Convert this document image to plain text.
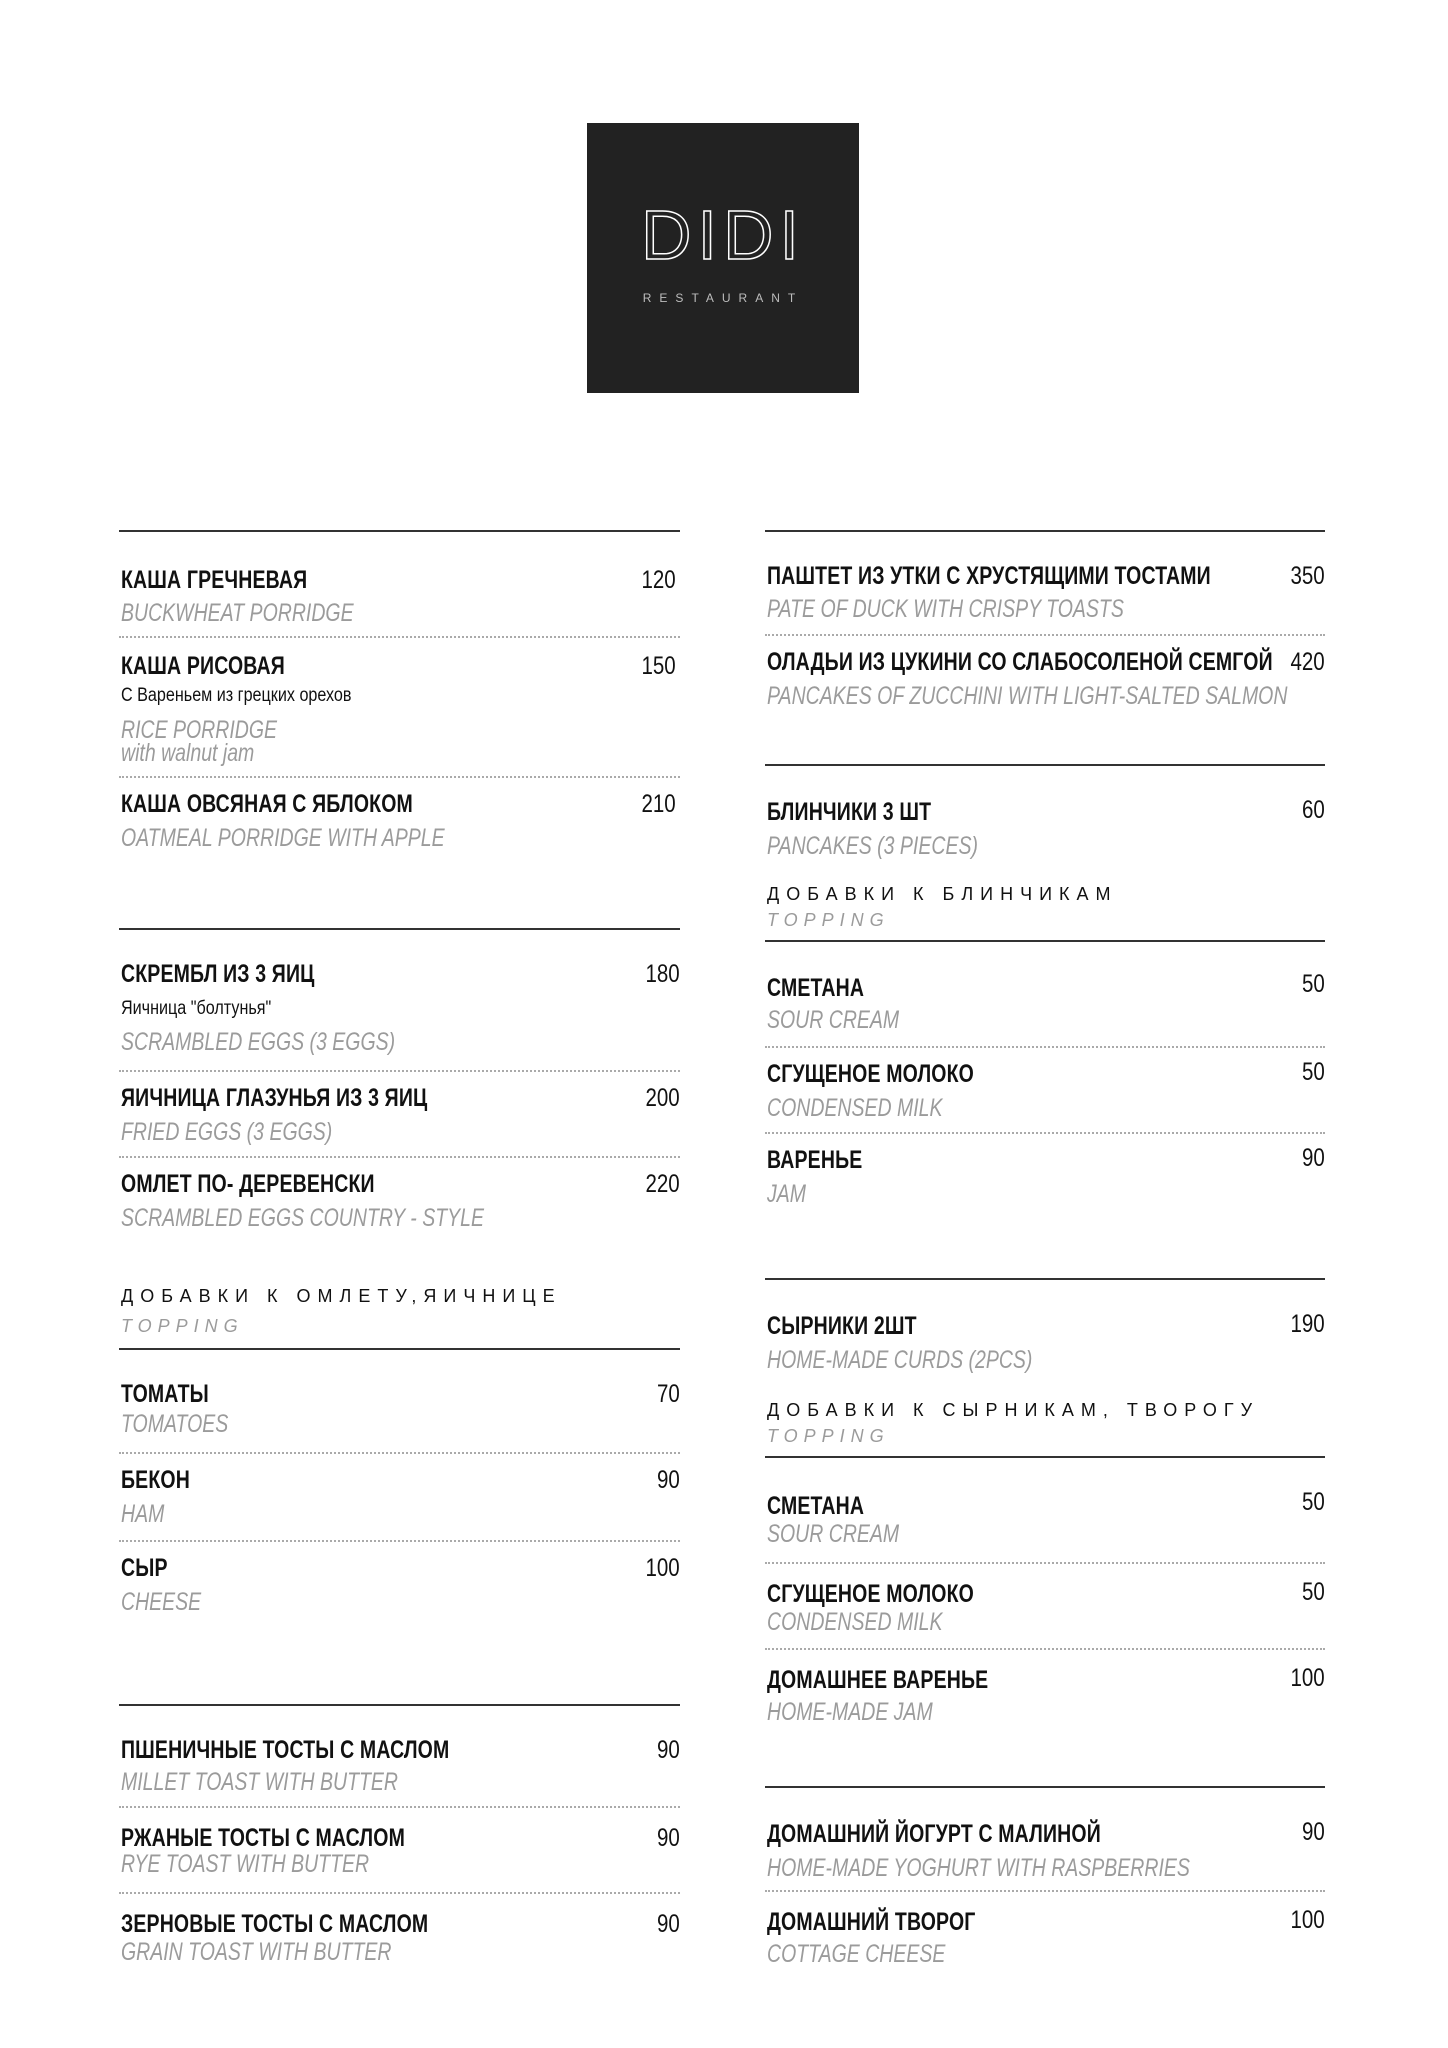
DIDI
RESTAURANT
КАША ГРЕЧНЕВАЯ	120
BUCKWHEAT PORRIDGE
КАША РИСОВАЯ	150
С Вареньем из грецких орехов
RICE PORRIDGE
with walnut jam
КАША ОВСЯНАЯ С ЯБЛОКОМ	210
OATMEAL PORRIDGE WITH APPLE
СКРЕМБЛ ИЗ 3 ЯИЦ	180
Яичница "болтунья"
SCRAMBLED EGGS (3 EGGS)
ЯИЧНИЦА ГЛАЗУНЬЯ ИЗ 3 ЯИЦ	200
FRIED EGGS (3 EGGS)
ОМЛЕТ ПО- ДЕРЕВЕНСКИ	220
SCRAMBLED EGGS COUNTRY - STYLE
ДОБАВКИ К ОМЛЕТУ,ЯИЧНИЦЕ
TOPPING
ТОМАТЫ	70
TOMATOES
БЕКОН	90
HAM
СЫР	100
CHEESE
ПШЕНИЧНЫЕ ТОСТЫ С МАСЛОМ	90
MILLET TOAST WITH BUTTER
РЖАНЫЕ ТОСТЫ С МАСЛОМ	90
RYE TOAST WITH BUTTER
ЗЕРНОВЫЕ ТОСТЫ С МАСЛОМ	90
GRAIN TOAST WITH BUTTER
ПАШТЕТ ИЗ УТКИ С ХРУСТЯЩИМИ ТОСТАМИ	350
PATE OF DUCK WITH CRISPY TOASTS
ОЛАДЬИ ИЗ ЦУКИНИ СО СЛАБОСОЛЕНОЙ СЕМГОЙ 420
PANCAKES OF ZUCCHINI WITH LIGHT-SALTED SALMON
БЛИНЧИКИ 3 ШТ	60
PANCAKES (3 PIECES)
ДОБАВКИ К БЛИНЧИКАМ
TOPPING
СМЕТАНА	50
SOUR CREAM
СГУЩЕНОЕ МОЛОКО	50
CONDENSED MILK
ВАРЕНЬЕ	90
JAM
СЫРНИКИ 2ШТ	190
HOME-MADE CURDS (2PCS)
ДОБАВКИ К СЫРНИКАМ, ТВОРОГУ
TOPPING
СМЕТАНА	50
SOUR CREAM
СГУЩЕНОЕ МОЛОКО	50
CONDENSED MILK
ДОМАШНЕЕ ВАРЕНЬЕ	100
HOME-MADE JAM
ДОМАШНИЙ ЙОГУРТ С МАЛИНОЙ	90
HOME-MADE YOGHURT WITH RASPBERRIES
ДОМАШНИЙ ТВОРОГ	100
COTTAGE CHEESE
